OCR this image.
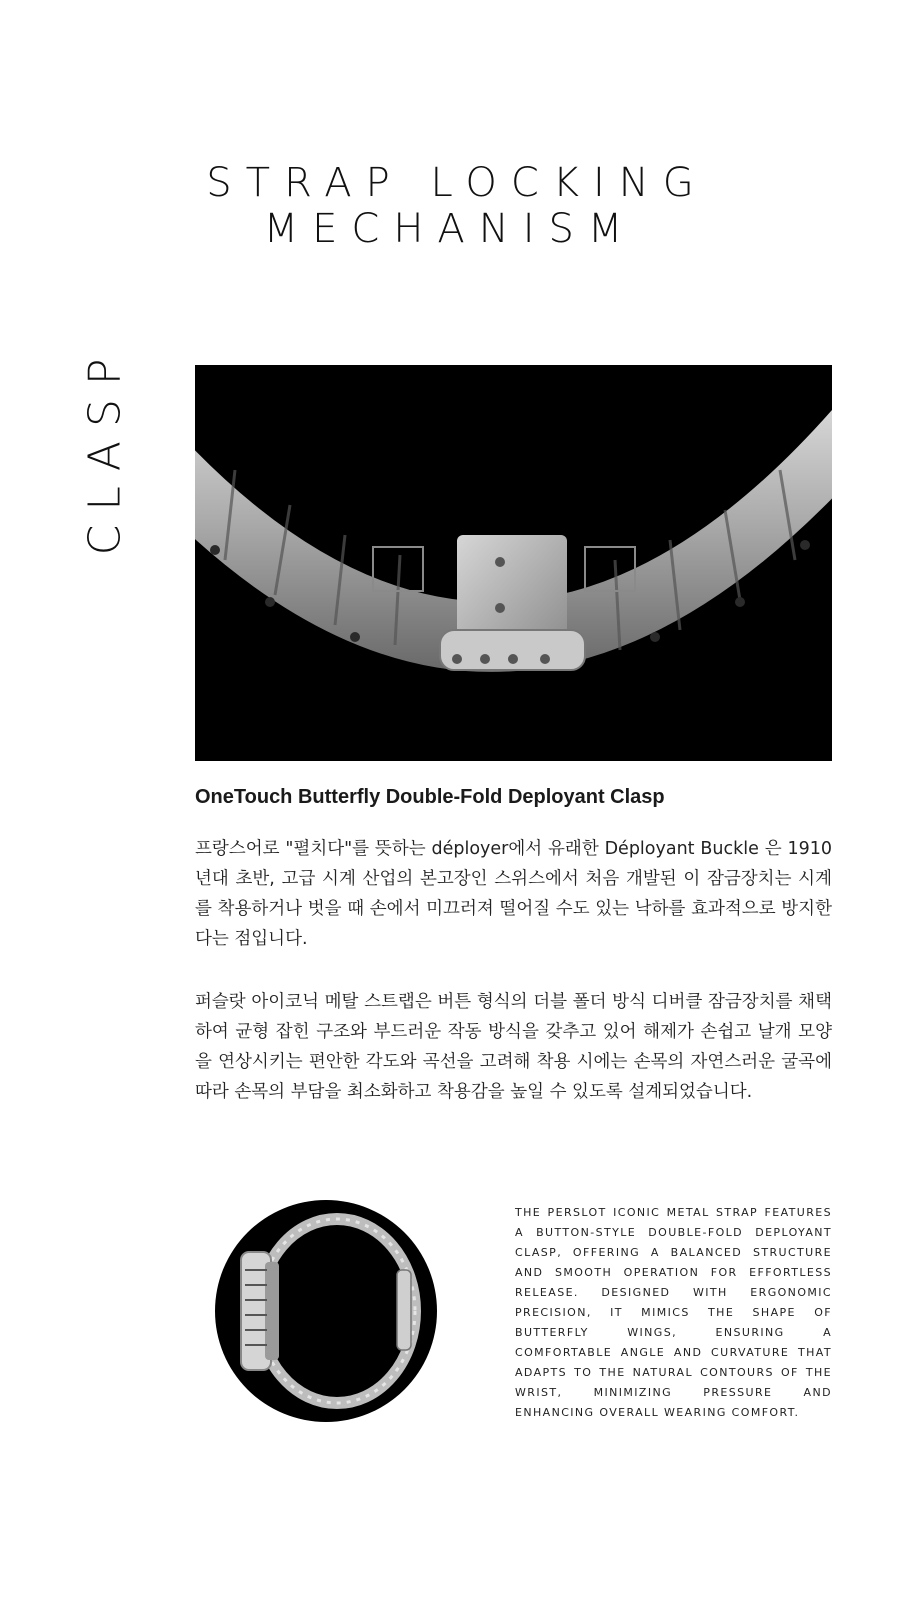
STRAP LOCKING MECHANISM
CLASP
OneTouch Butterfly Double-Fold Deployant Clasp
프랑스어로 "펼치다"를 뜻하는 déployer에서 유래한 Déployant Buckle 은 1910년대 초반, 고급 시계 산업의 본고장인 스위스에서 처음 개발된 이 잠금장치는 시계를 착용하거나 벗을 때 손에서 미끄러져 떨어질 수도 있는 낙하를 효과적으로 방지한다는 점입니다.
퍼슬랏 아이코닉 메탈 스트랩은 버튼 형식의 더블 폴더 방식 디버클 잠금장치를 채택하여 균형 잡힌 구조와 부드러운 작동 방식을 갖추고 있어 해제가 손쉽고 날개 모양을 연상시키는 편안한 각도와 곡선을 고려해 착용 시에는 손목의 자연스러운 굴곡에 따라 손목의 부담을 최소화하고 착용감을 높일 수 있도록 설계되었습니다.
THE PERSLOT ICONIC METAL STRAP FEATURES A BUTTON-STYLE DOUBLE-FOLD DEPLOYANT CLASP, OFFERING A BALANCED STRUCTURE AND SMOOTH OPERATION FOR EFFORTLESS RELEASE. DESIGNED WITH ERGONOMIC PRECISION, IT MIMICS THE SHAPE OF BUTTERFLY WINGS, ENSURING A COMFORTABLE ANGLE AND CURVATURE THAT ADAPTS TO THE NATURAL CONTOURS OF THE WRIST, MINIMIZING PRESSURE AND ENHANCING OVERALL WEARING COMFORT.
